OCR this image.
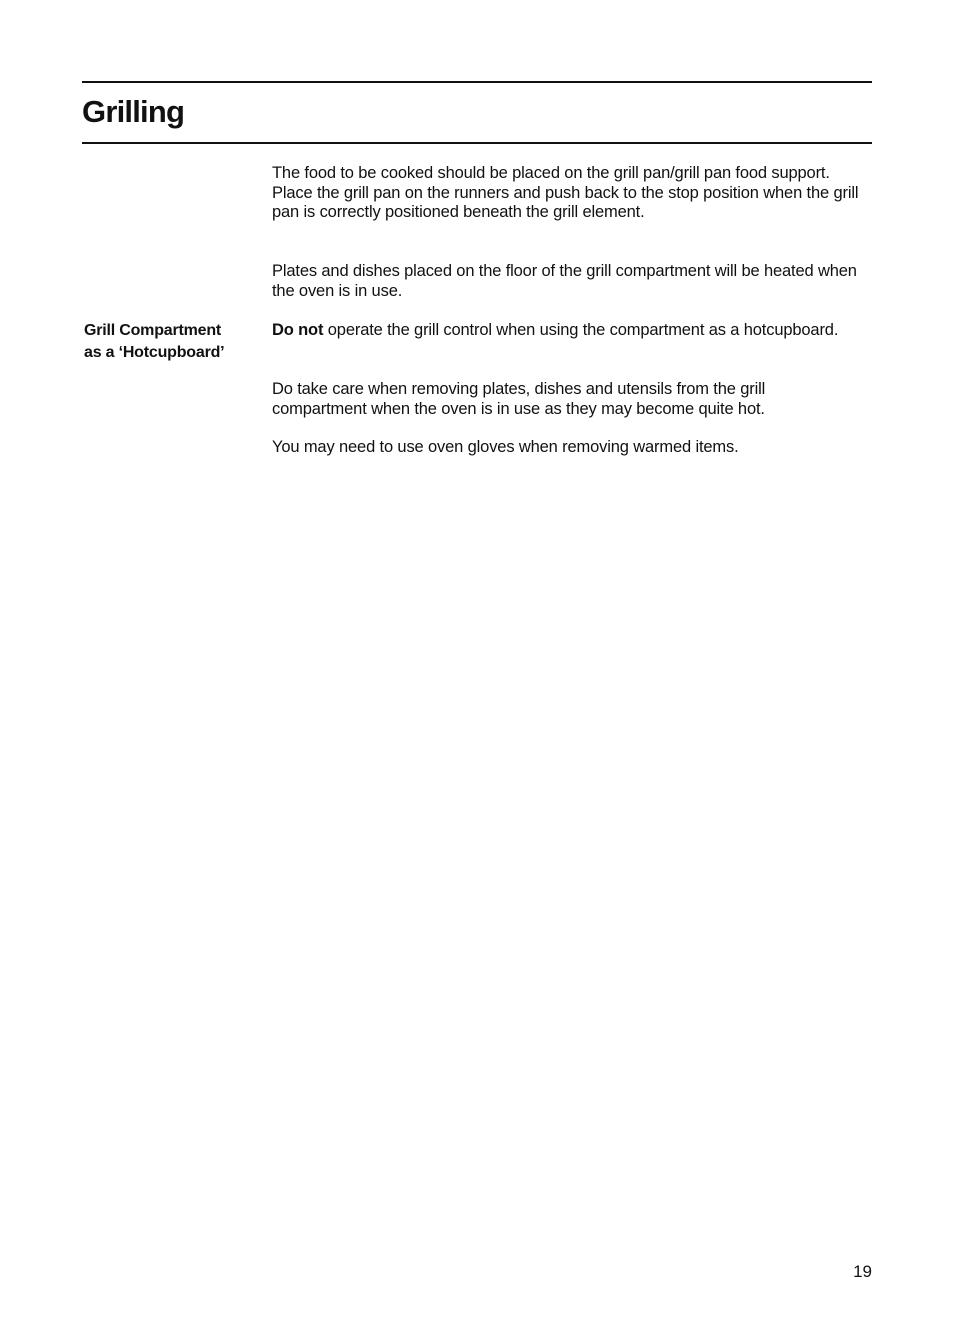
Grilling

The food to be cooked should be placed on the grill pan/grill pan food support.

Place the grill pan on the runners and push back to the stop position when the grill pan is correctly positioned beneath the grill element.

Plates and dishes placed on the floor of the grill compartment will be heated when the oven is in use.

Grill Compartment
as a ‘Hotcupboard’

Do not operate the grill control when using the compartment as a hotcupboard.

Do take care when removing plates, dishes and utensils from the grill compartment when the oven is in use as they may become quite hot.

You may need to use oven gloves when removing warmed items.

19
